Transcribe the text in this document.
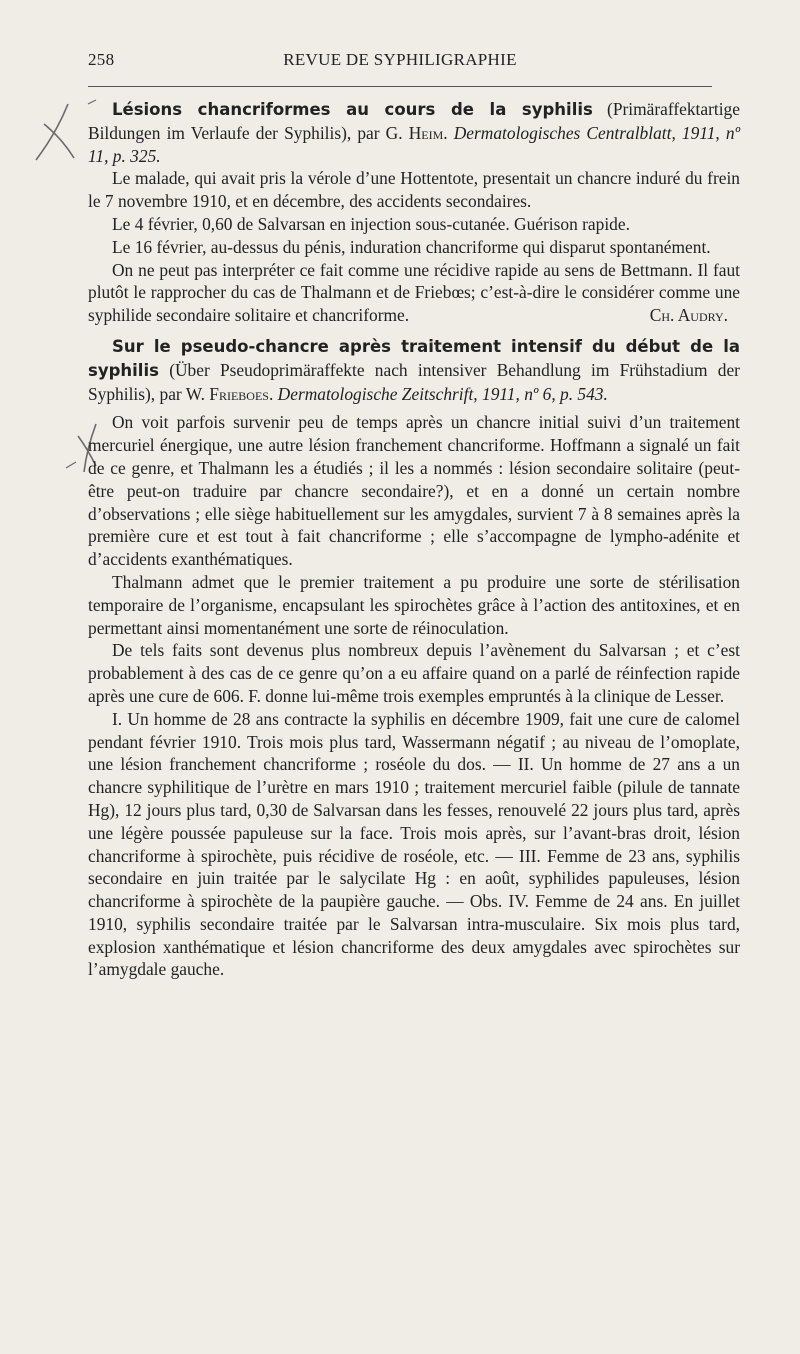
258	REVUE DE SYPHILIGRAPHIE

Lésions chancriformes au cours de la syphilis (Primäraffektartige Bildungen im Verlaufe der Syphilis), par G. Heim. Dermatologisches Centralblatt, 1911, nº 11, p. 325.

Le malade, qui avait pris la vérole d’une Hottentote, presentait un chancre induré du frein le 7 novembre 1910, et en décembre, des accidents secondaires.

Le 4 février, 0,60 de Salvarsan en injection sous-cutanée. Guérison rapide.

Le 16 février, au-dessus du pénis, induration chancriforme qui disparut spontanément.

On ne peut pas interpréter ce fait comme une récidive rapide au sens de Bettmann. Il faut plutôt le rapprocher du cas de Thalmann et de Friebœs; c’est-à-dire le considérer comme une syphilide secondaire solitaire et chancriforme.	Ch. Audry.

Sur le pseudo-chancre après traitement intensif du début de la syphilis (Über Pseudoprimäraffekte nach intensiver Behandlung im Frühstadium der Syphilis), par W. Frieboes. Dermatologische Zeitschrift, 1911, nº 6, p. 543.

On voit parfois survenir peu de temps après un chancre initial suivi d’un traitement mercuriel énergique, une autre lésion franchement chancriforme. Hoffmann a signalé un fait de ce genre, et Thalmann les a étudiés ; il les a nommés : lésion secondaire solitaire (peut-être peut-on traduire par chancre secondaire?), et en a donné un certain nombre d’observations ; elle siège habituellement sur les amygdales, survient 7 à 8 semaines après la première cure et est tout à fait chancriforme ; elle s’accompagne de lympho-adénite et d’accidents exanthématiques.

Thalmann admet que le premier traitement a pu produire une sorte de stérilisation temporaire de l’organisme, encapsulant les spirochètes grâce à l’action des antitoxines, et en permettant ainsi momentanément une sorte de réinoculation.

De tels faits sont devenus plus nombreux depuis l’avènement du Salvarsan ; et c’est probablement à des cas de ce genre qu’on a eu affaire quand on a parlé de réinfection rapide après une cure de 606. F. donne lui-même trois exemples empruntés à la clinique de Lesser.

I. Un homme de 28 ans contracte la syphilis en décembre 1909, fait une cure de calomel pendant février 1910. Trois mois plus tard, Wassermann négatif ; au niveau de l’omoplate, une lésion franchement chancriforme ; roséole du dos. — II. Un homme de 27 ans a un chancre syphilitique de l’urètre en mars 1910 ; traitement mercuriel faible (pilule de tannate Hg), 12 jours plus tard, 0,30 de Salvarsan dans les fesses, renouvelé 22 jours plus tard, après une légère poussée papuleuse sur la face. Trois mois après, sur l’avant-bras droit, lésion chancriforme à spirochète, puis récidive de roséole, etc. — III. Femme de 23 ans, syphilis secondaire en juin traitée par le salycilate Hg : en août, syphilides papuleuses, lésion chancriforme à spirochète de la paupière gauche. — Obs. IV. Femme de 24 ans. En juillet 1910, syphilis secondaire traitée par le Salvarsan intra-musculaire. Six mois plus tard, explosion xanthématique et lésion chancriforme des deux amygdales avec spirochètes sur l’amygdale gauche.
